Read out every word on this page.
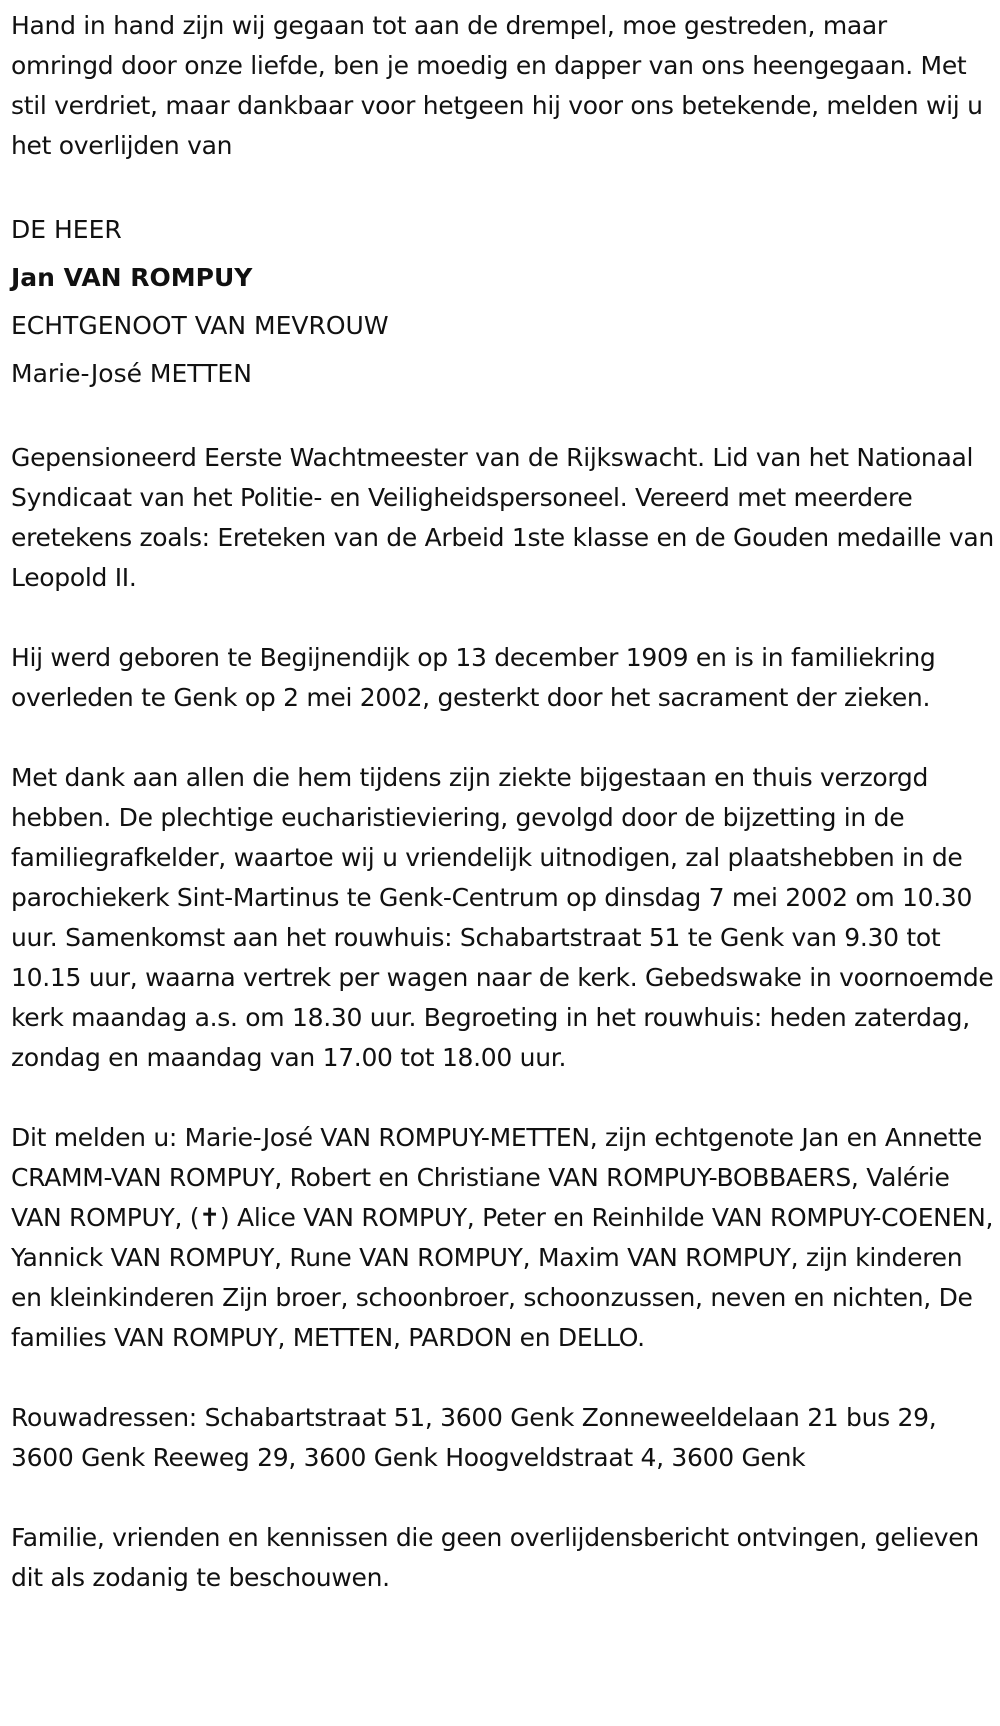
Hand in hand zijn wij gegaan tot aan de drempel, moe gestreden, maar omringd door onze liefde, ben je moedig en dapper van ons heengegaan. Met stil verdriet, maar dankbaar voor hetgeen hij voor ons betekende, melden wij u het overlijden van

DE HEER
Jan VAN ROMPUY
ECHTGENOOT VAN MEVROUW
Marie-José METTEN

Gepensioneerd Eerste Wachtmeester van de Rijkswacht. Lid van het Nationaal Syndicaat van het Politie- en Veiligheidspersoneel. Vereerd met meerdere eretekens zoals: Ereteken van de Arbeid 1ste klasse en de Gouden medaille van Leopold II.

Hij werd geboren te Begijnendijk op 13 december 1909 en is in familiekring overleden te Genk op 2 mei 2002, gesterkt door het sacrament der zieken.

Met dank aan allen die hem tijdens zijn ziekte bijgestaan en thuis verzorgd hebben. De plechtige eucharistieviering, gevolgd door de bijzetting in de familiegrafkelder, waartoe wij u vriendelijk uitnodigen, zal plaatshebben in de parochiekerk Sint-Martinus te Genk-Centrum op dinsdag 7 mei 2002 om 10.30 uur. Samenkomst aan het rouwhuis: Schabartstraat 51 te Genk van 9.30 tot 10.15 uur, waarna vertrek per wagen naar de kerk. Gebedswake in voornoemde kerk maandag a.s. om 18.30 uur. Begroeting in het rouwhuis: heden zaterdag, zondag en maandag van 17.00 tot 18.00 uur.

Dit melden u: Marie-José VAN ROMPUY-METTEN, zijn echtgenote Jan en Annette CRAMM-VAN ROMPUY, Robert en Christiane VAN ROMPUY-BOBBAERS, Valérie VAN ROMPUY, (✝) Alice VAN ROMPUY, Peter en Reinhilde VAN ROMPUY-COENEN, Yannick VAN ROMPUY, Rune VAN ROMPUY, Maxim VAN ROMPUY, zijn kinderen en kleinkinderen Zijn broer, schoonbroer, schoonzussen, neven en nichten, De families VAN ROMPUY, METTEN, PARDON en DELLO.

Rouwadressen: Schabartstraat 51, 3600 Genk Zonneweeldelaan 21 bus 29, 3600 Genk Reeweg 29, 3600 Genk Hoogveldstraat 4, 3600 Genk

Familie, vrienden en kennissen die geen overlijdensbericht ontvingen, gelieven dit als zodanig te beschouwen.
